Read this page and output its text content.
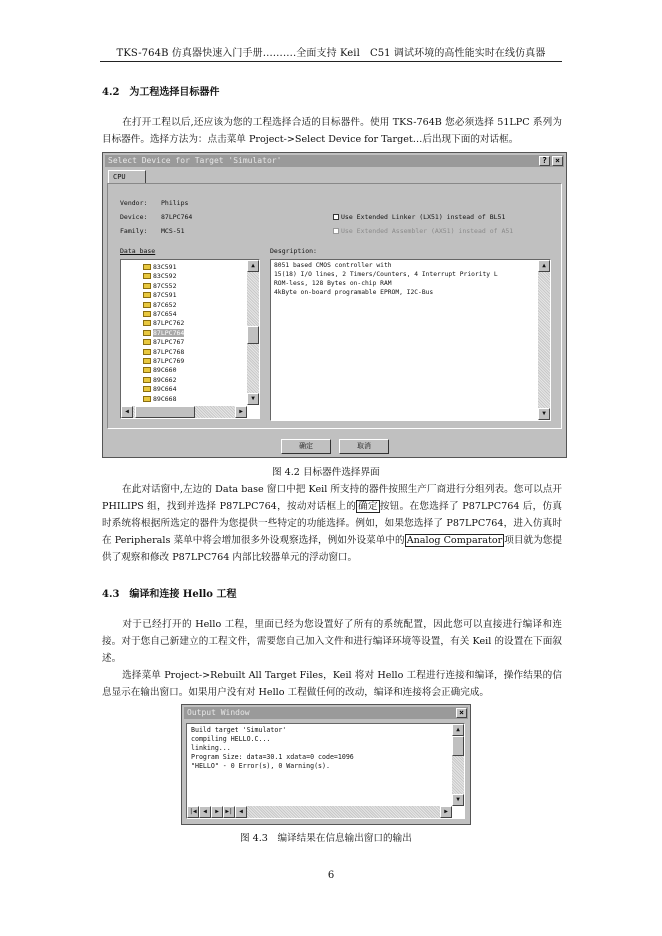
TKS-764B 仿真器快速入门手册……….全面支持 Keil　C51 调试环境的高性能实时在线仿真器
4.2　为工程选择目标器件
在打开工程以后,还应该为您的工程选择合适的目标器件。使用 TKS-764B 您必须选择 51LPC 系列为目标器件。选择方法为：点击菜单 Project->Select Device for Target…后出现下面的对话框。
Select Device for Target 'Simulator'	?	×
CPU
Vendor: Philips
Device: 87LPC764
Family: MCS-51
Use Extended Linker (LX51) instead of BL51
Use Extended Assembler (AX51) instead of A51
Data base	Desgription:
83C591
83C592
87C552
87C591
87C652
87C654
87LPC762
87LPC764
87LPC767
87LPC768
87LPC769
89C660
89C662
89C664
89C668
▲
▼
◀	▶
8051 based CMOS controller with
15(18) I/O lines, 2 Timers/Counters, 4 Interrupt Priority L
ROM-less, 128 Bytes on-chip RAM
4kByte on-board programable EPROM, I2C-Bus
▲
▼
确定	取消
图 4.2 目标器件选择界面
在此对话窗中,左边的 Data base 窗口中把 Keil 所支持的器件按照生产厂商进行分组列表。您可以点开 PHILIPS 组，找到并选择 P87LPC764，按动对话框上的 确定 按钮。在您选择了 P87LPC764 后，仿真时系统将根据所选定的器件为您提供一些特定的功能选择。例如，如果您选择了 P87LPC764，进入仿真时在 Peripherals 菜单中将会增加很多外设观察选择，例如外设菜单中的 Analog Comparator 项目就为您提供了观察和修改 P87LPC764 内部比较器单元的浮动窗口。
4.3　编译和连接 Hello 工程
对于已经打开的 Hello 工程，里面已经为您设置好了所有的系统配置，因此您可以直接进行编译和连接。对于您自己新建立的工程文件，需要您自己加入文件和进行编译环境等设置，有关 Keil 的设置在下面叙述。
选择菜单 Project->Rebuilt All Target Files，Keil 将对 Hello 工程进行连接和编译，操作结果的信息显示在输出窗口。如果用户没有对 Hello 工程做任何的改动，编译和连接将会正确完成。
Output Window	×
Build target 'Simulator'
compiling HELLO.C...
linking...
Program Size: data=30.1 xdata=0 code=1096
"HELLO" - 0 Error(s), 0 Warning(s).
▲
▼
|◀	◀	▶	▶|	◀	▶
图 4.3　编译结果在信息输出窗口的输出
6
